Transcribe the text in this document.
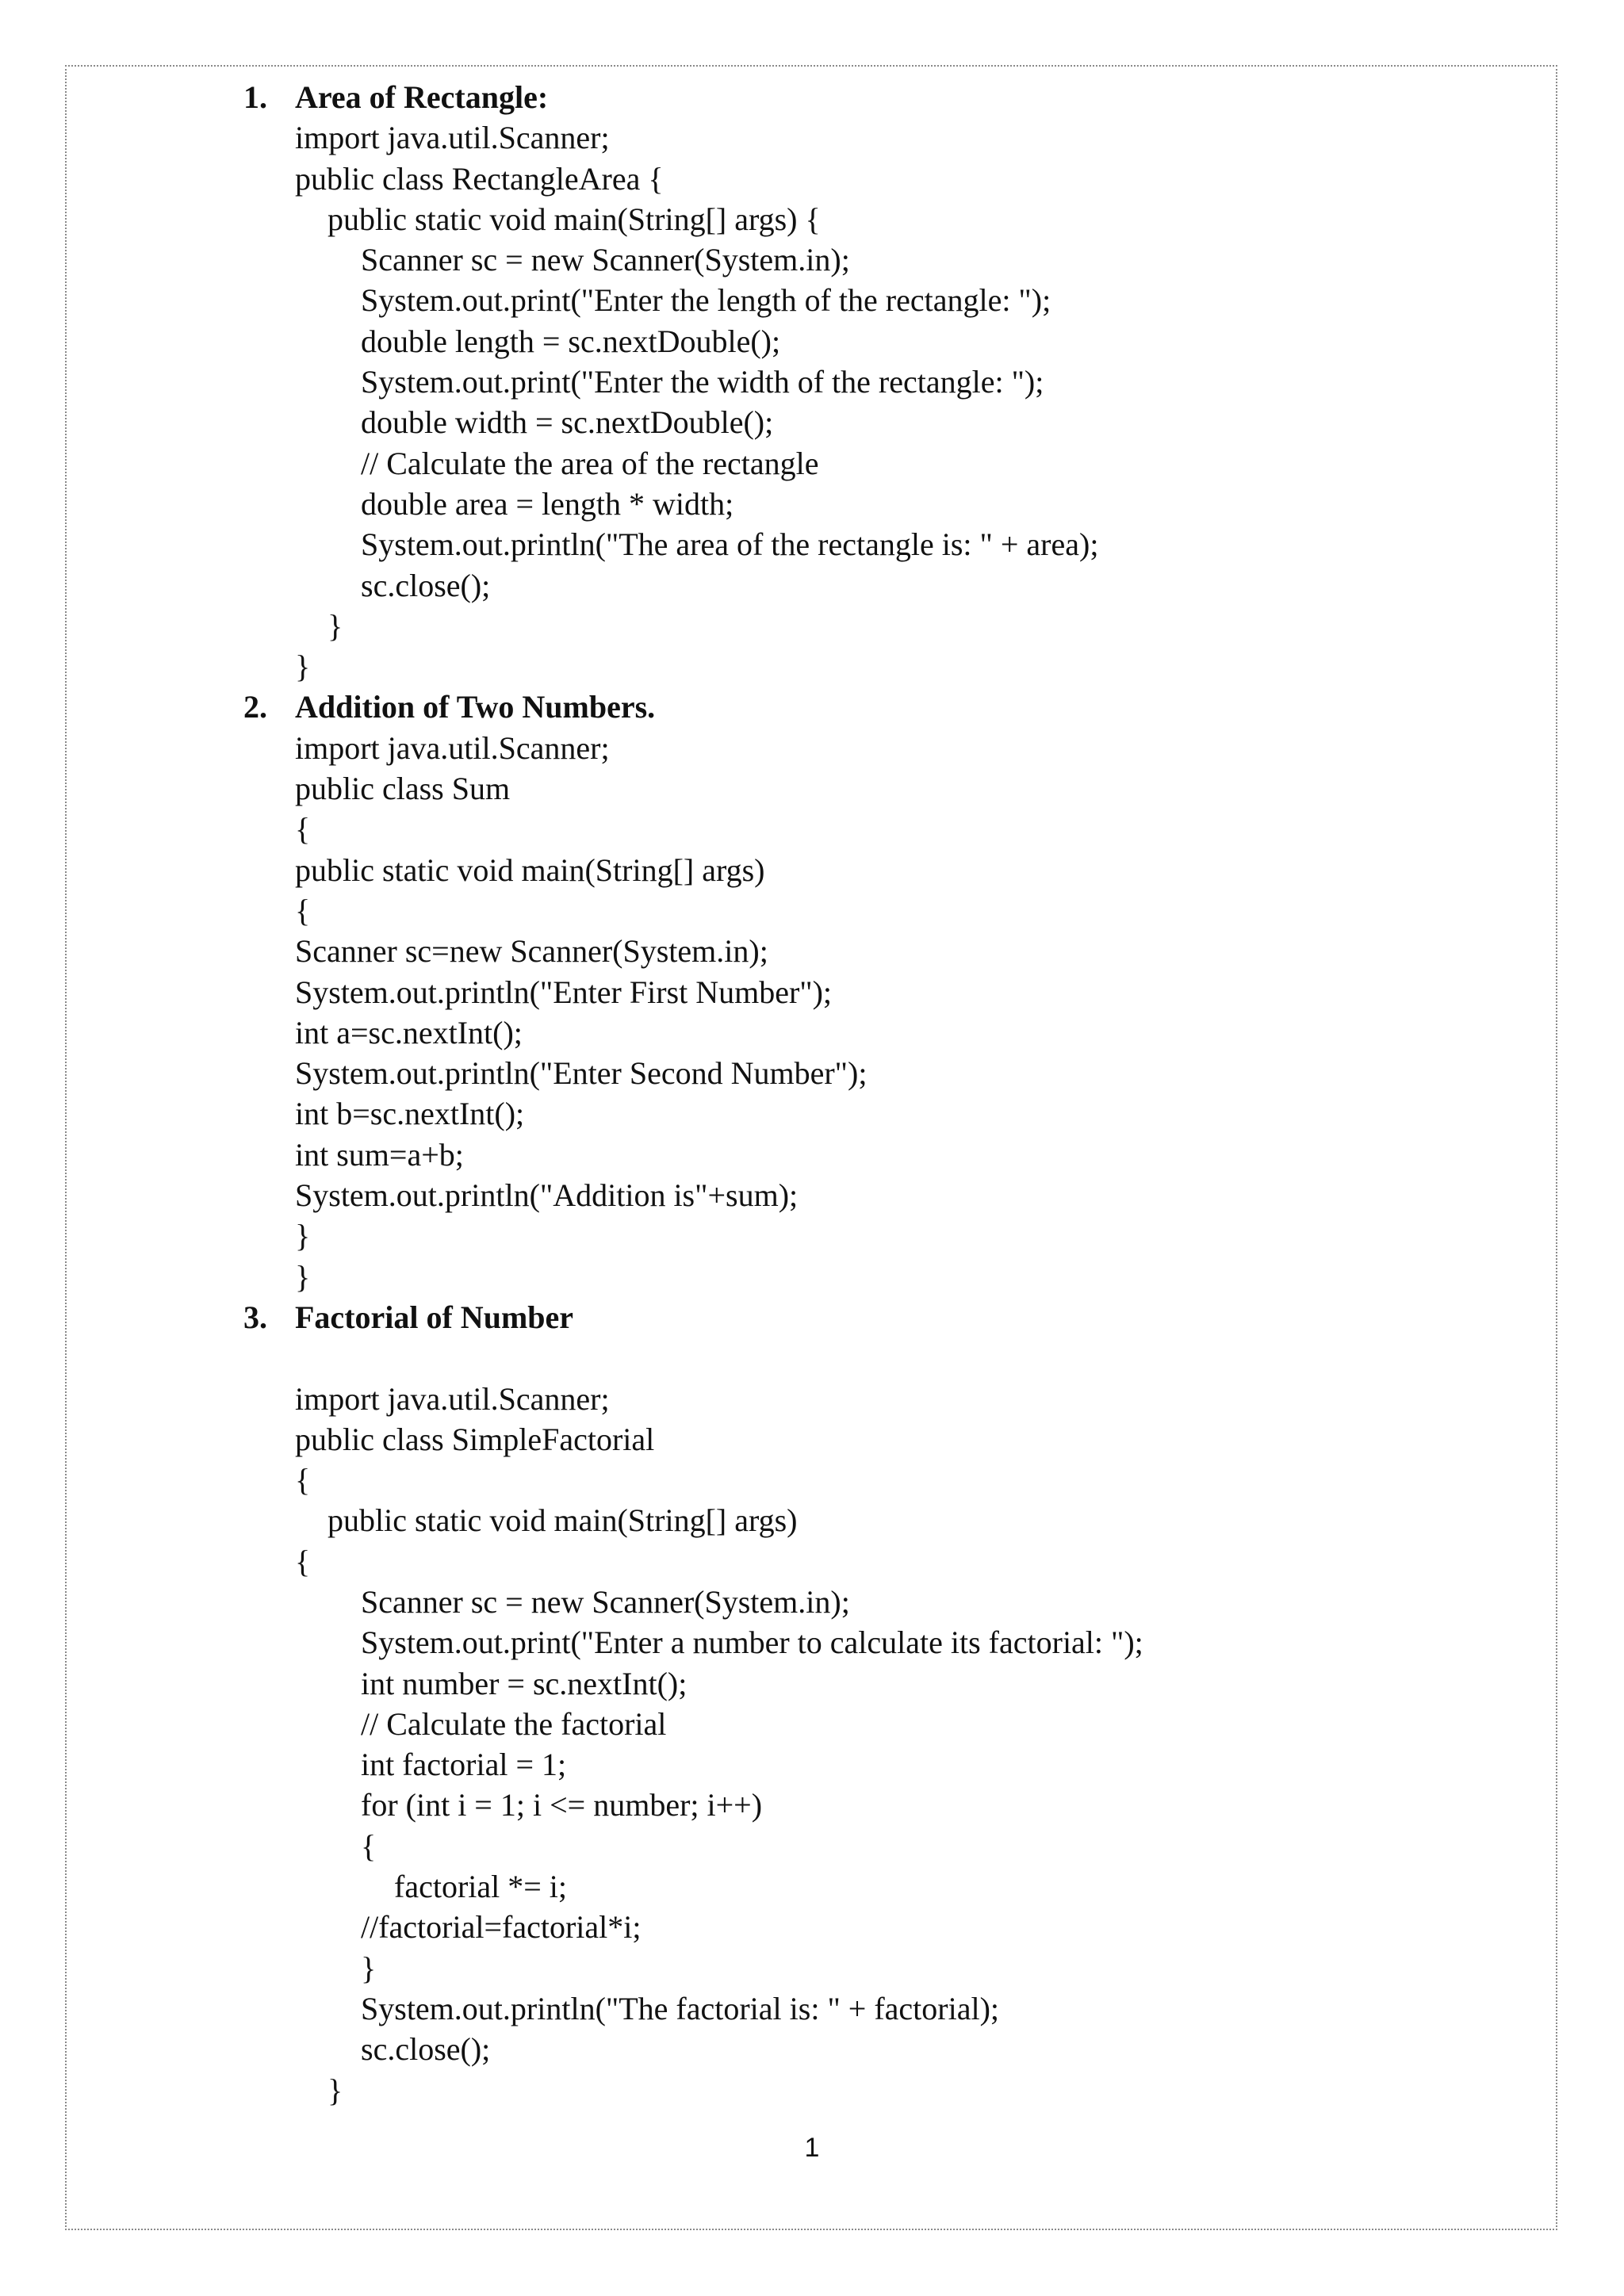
1. Area of Rectangle:
import java.util.Scanner;
public class RectangleArea {
public static void main(String[] args) {
Scanner sc = new Scanner(System.in);
System.out.print("Enter the length of the rectangle: ");
double length = sc.nextDouble();
System.out.print("Enter the width of the rectangle: ");
double width = sc.nextDouble();
// Calculate the area of the rectangle
double area = length * width;
System.out.println("The area of the rectangle is: " + area);
sc.close();
}
}
2. Addition of Two Numbers.
import java.util.Scanner;
public class Sum
{
public static void main(String[] args)
{
Scanner sc=new Scanner(System.in);
System.out.println("Enter First Number");
int a=sc.nextInt();
System.out.println("Enter Second Number");
int b=sc.nextInt();
int sum=a+b;
System.out.println("Addition is"+sum);
}
}
3. Factorial of Number
import java.util.Scanner;
public class SimpleFactorial
{
public static void main(String[] args)
{
Scanner sc = new Scanner(System.in);
System.out.print("Enter a number to calculate its factorial: ");
int number = sc.nextInt();
// Calculate the factorial
int factorial = 1;
for (int i = 1; i <= number; i++)
{
factorial *= i;
//factorial=factorial*i;
}
System.out.println("The factorial is: " + factorial);
sc.close();
}
1
